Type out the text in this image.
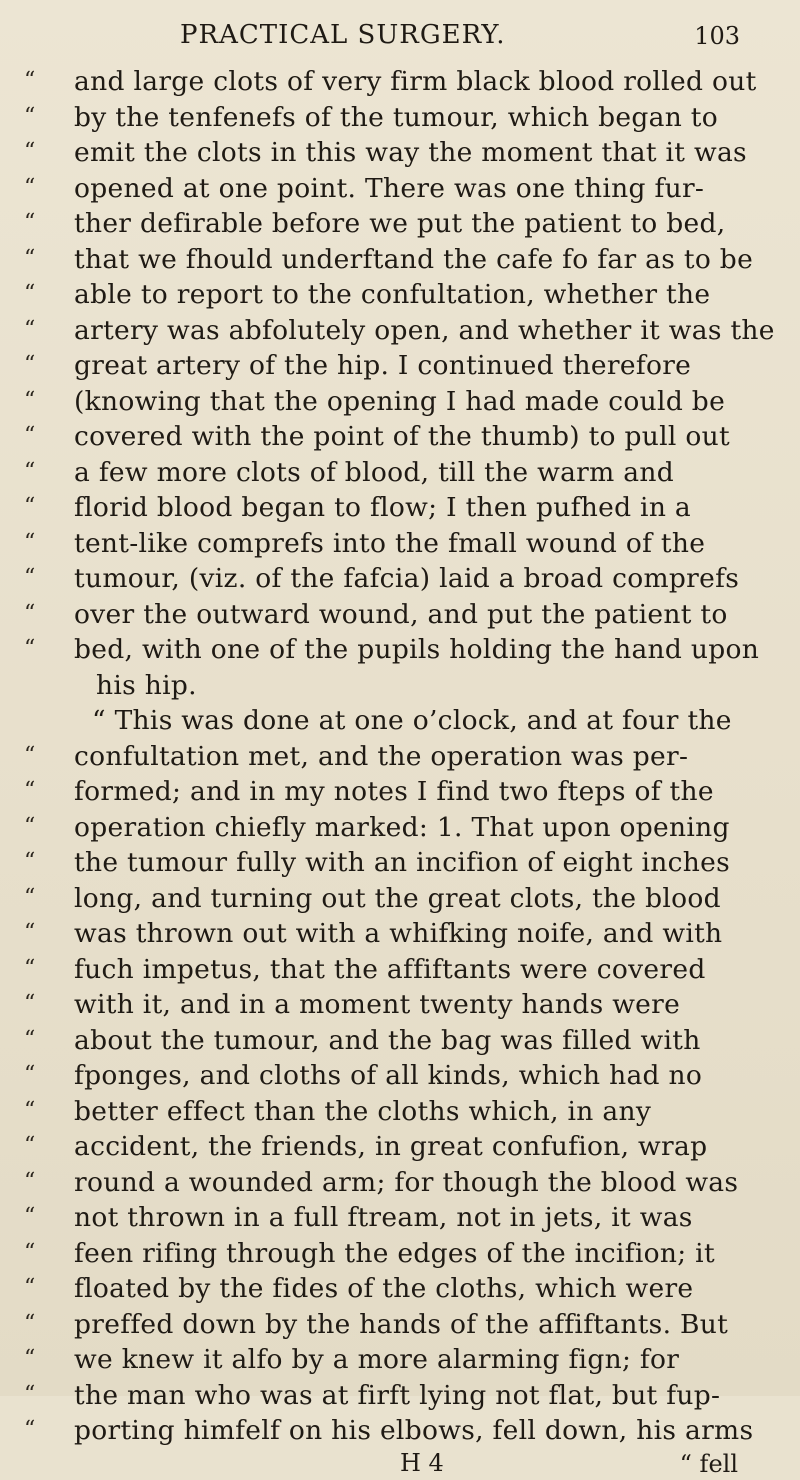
PRACTICAL SURGERY.	103
“ and large clots of very firm black blood rolled out
“ by the tenfenefs of the tumour, which began to
“ emit the clots in this way the moment that it was
“ opened at one point. There was one thing fur-
“ ther defirable before we put the patient to bed,
“ that we fhould underftand the cafe fo far as to be
“ able to report to the confultation, whether the
“ artery was abfolutely open, and whether it was the
“ great artery of the hip. I continued therefore
“ (knowing that the opening I had made could be
“ covered with the point of the thumb) to pull out
“ a few more clots of blood, till the warm and
“ florid blood began to flow; I then pufhed in a
“ tent-like comprefs into the fmall wound of the
“ tumour, (viz. of the fafcia) laid a broad comprefs
“ over the outward wound, and put the patient to
“ bed, with one of the pupils holding the hand upon
his hip.
“ This was done at one o’clock, and at four the
“ confultation met, and the operation was per-
“ formed; and in my notes I find two fteps of the
“ operation chiefly marked: 1. That upon opening
“ the tumour fully with an incifion of eight inches
“ long, and turning out the great clots, the blood
“ was thrown out with a whifking noife, and with
“ fuch impetus, that the affiftants were covered
“ with it, and in a moment twenty hands were
“ about the tumour, and the bag was filled with
“ fponges, and cloths of all kinds, which had no
“ better effect than the cloths which, in any
“ accident, the friends, in great confufion, wrap
“ round a wounded arm; for though the blood was
“ not thrown in a full ftream, not in jets, it was
“ feen rifing through the edges of the incifion; it
“ floated by the fides of the cloths, which were
“ preffed down by the hands of the affiftants. But
“ we knew it alfo by a more alarming fign; for
“ the man who was at firft lying not flat, but fup-
“ porting himfelf on his elbows, fell down, his arms
H 4	“ fell
